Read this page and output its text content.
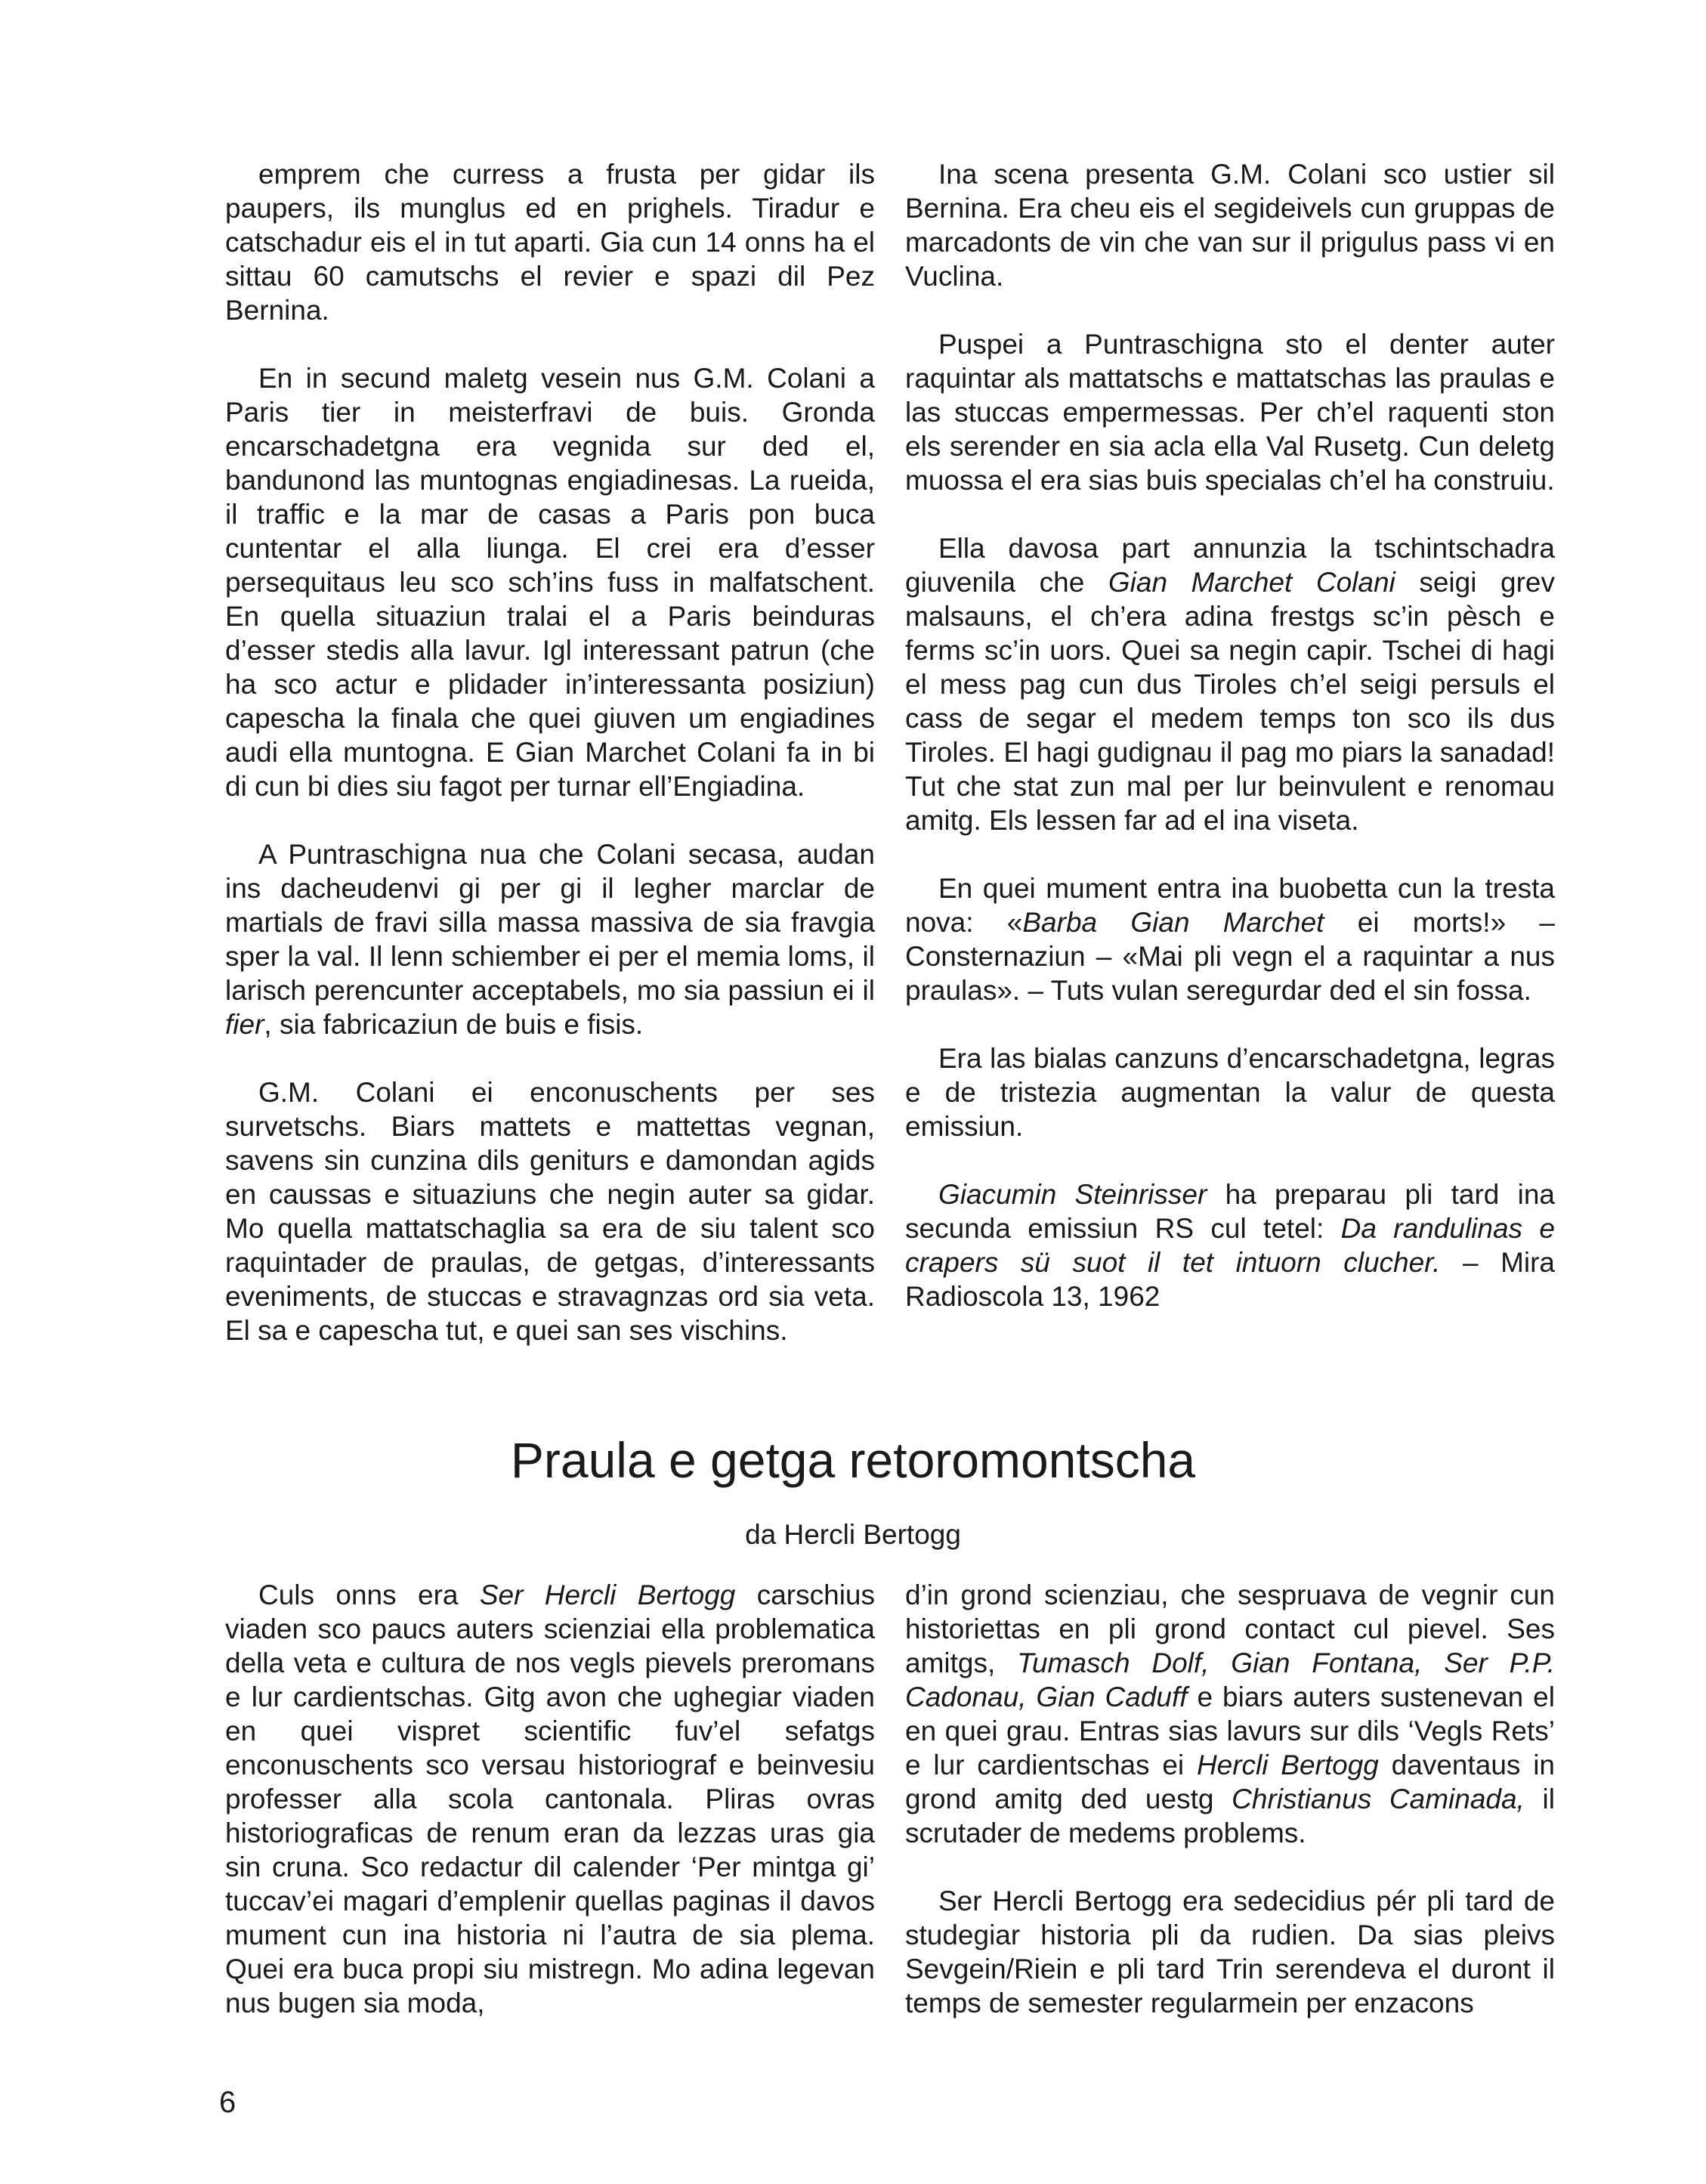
emprem che curress a frusta per gidar ils paupers, ils munglus ed en prighels. Tiradur e catschadur eis el in tut aparti. Gia cun 14 onns ha el sittau 60 camutschs el revier e spazi dil Pez Bernina.

En in secund maletg vesein nus G.M. Colani a Paris tier in meisterfravi de buis. Gronda encarschadetgna era vegnida sur ded el, bandunond las muntognas engiadinesas. La rueida, il traffic e la mar de casas a Paris pon buca cuntentar el alla liunga. El crei era d’esser persequitaus leu sco sch’ins fuss in malfatschent. En quella situaziun tralai el a Paris beinduras d’esser stedis alla lavur. Igl interessant patrun (che ha sco actur e plidader in’interessanta posiziun) capescha la finala che quei giuven um engiadines audi ella muntogna. E Gian Marchet Colani fa in bi di cun bi dies siu fagot per turnar ell’Engiadina.

A Puntraschigna nua che Colani secasa, audan ins dacheudenvi gi per gi il legher marclar de martials de fravi silla massa massiva de sia fravgia sper la val. Il lenn schiember ei per el memia loms, il larisch perencunter acceptabels, mo sia passiun ei il fier, sia fabricaziun de buis e fisis.

G.M. Colani ei enconuschents per ses survetschs. Biars mattets e mattettas vegnan, savens sin cunzina dils geniturs e damondan agids en caussas e situaziuns che negin auter sa gidar. Mo quella mattatschaglia sa era de siu talent sco raquintader de praulas, de getgas, d’interessants eveniments, de stuccas e stravagnzas ord sia veta. El sa e capescha tut, e quei san ses vischins.

Ina scena presenta G.M. Colani sco ustier sil Bernina. Era cheu eis el segideivels cun gruppas de marcadonts de vin che van sur il prigulus pass vi en Vuclina.

Puspei a Puntraschigna sto el denter auter raquintar als mattatschs e mattatschas las praulas e las stuccas empermessas. Per ch’el raquenti ston els serender en sia acla ella Val Rusetg. Cun deletg muossa el era sias buis specialas ch’el ha construiu.

Ella davosa part annunzia la tschintschadra giuvenila che Gian Marchet Colani seigi grev malsauns, el ch’era adina frestgs sc’in pèsch e ferms sc’in uors. Quei sa negin capir. Tschei di hagi el mess pag cun dus Tiroles ch’el seigi persuls el cass de segar el medem temps ton sco ils dus Tiroles. El hagi gudignau il pag mo piars la sanadad! Tut che stat zun mal per lur beinvulent e renomau amitg. Els lessen far ad el ina viseta.

En quei mument entra ina buobetta cun la tresta nova: «Barba Gian Marchet ei morts!» – Consternaziun – «Mai pli vegn el a raquintar a nus praulas». – Tuts vulan seregurdar ded el sin fossa.

Era las bialas canzuns d’encarschadetgna, legras e de tristezia augmentan la valur de questa emissiun.

Giacumin Steinrisser ha preparau pli tard ina secunda emissiun RS cul tetel: Da randulinas e crapers sü suot il tet intuorn clucher. – Mira Radioscola 13, 1962

Praula e getga retoromontscha
da Hercli Bertogg

Culs onns era Ser Hercli Bertogg carschius viaden sco paucs auters scienziai ella problematica della veta e cultura de nos vegls pievels preromans e lur cardientschas. Gitg avon che ughegiar viaden en quei vispret scientific fuv’el sefatgs enconuschents sco versau historiograf e beinvesiu professer alla scola cantonala. Pliras ovras historiograficas de renum eran da lezzas uras gia sin cruna. Sco redactur dil calender ‘Per mintga gi’ tuccav’ei magari d’emplenir quellas paginas il davos mument cun ina historia ni l’autra de sia plema. Quei era buca propi siu mistregn. Mo adina legevan nus bugen sia moda,

d’in grond scienziau, che sespruava de vegnir cun historiettas en pli grond contact cul pievel. Ses amitgs, Tumasch Dolf, Gian Fontana, Ser P.P. Cadonau, Gian Caduff e biars auters sustenevan el en quei grau. Entras sias lavurs sur dils ‘Vegls Rets’ e lur cardientschas ei Hercli Bertogg daventaus in grond amitg ded uestg Christianus Caminada, il scrutader de medems problems.

Ser Hercli Bertogg era sedecidius pér pli tard de studegiar historia pli da rudien. Da sias pleivs Sevgein/Riein e pli tard Trin serendeva el duront il temps de semester regularmein per enzacons

6
